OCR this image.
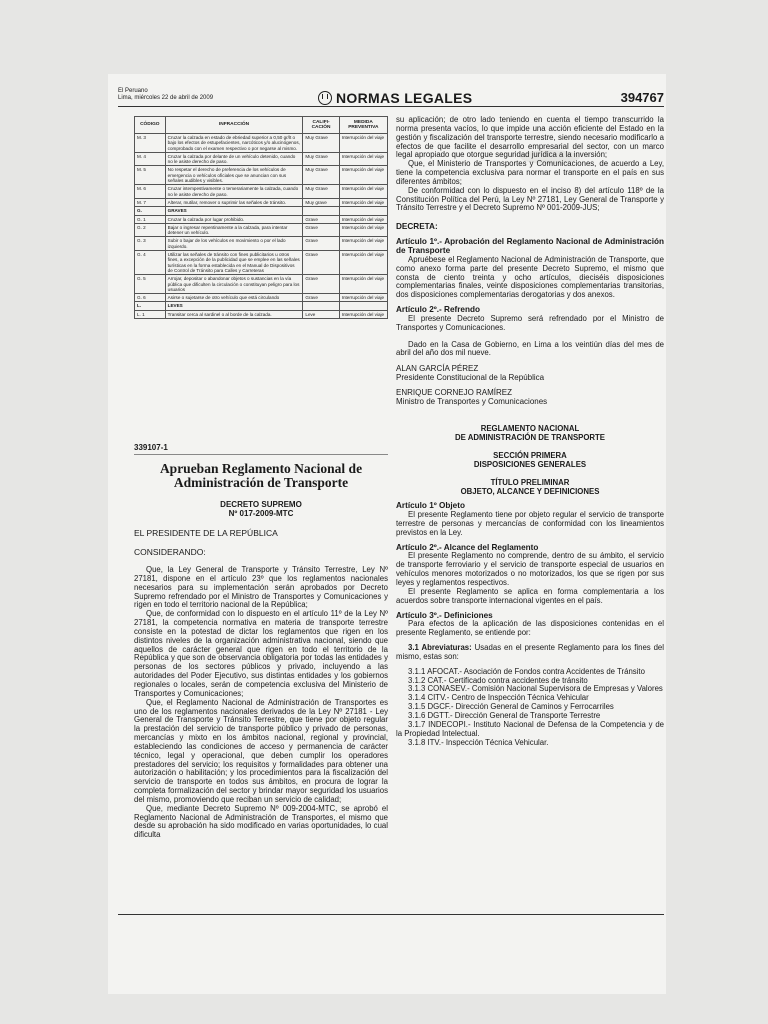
El Peruano
Lima, miércoles 22 de abril de 2009	NORMAS LEGALES	394767
CÓDIGO	INFRACCIÓN	CALIFI-CACIÓN	MEDIDA PREVENTIVA
M. 3	Cruzar la calzada en estado de ebriedad superior a 0,50 gr/lt o bajo los efectos de estupefacientes, narcóticos y/o alucinógenos, comprobado con el examen respectivo o por negarse al mismo.	Muy Grave	Interrupción del viaje
M. 4	Cruzar la calzada por delante de un vehículo detenido, cuando no le asiste derecho de paso.	Muy Grave	Interrupción del viaje
M. 5	No respetar el derecho de preferencia de los vehículos de emergencia o vehículos oficiales que se anuncian con sus señales audibles y visibles.	Muy Grave	Interrupción del viaje
M. 6	Cruzar intempestivamente o temerariamente la calzada, cuando no le asiste derecho de paso.	Muy Grave	Interrupción del viaje
M. 7	Alterar, mutilar, remover o suprimir las señales de tránsito.	Muy grave	Interrupción del viaje
G.	GRAVES		
G. 1	Cruzar la calzada por lugar prohibido.	Grave	Interrupción del viaje
G. 2	Bajar o ingresar repentinamente a la calzada, para intentar detener un vehículo.	Grave	Interrupción del viaje
G. 3	Subir o bajar de los vehículos en movimiento o por el lado izquierdo.	Grave	Interrupción del viaje
G. 4	Utilizar las señales de tránsito con fines publicitarios u otros fines, a excepción de la publicidad que se emplee en las señales turísticas en la forma establecida en el Manual de Dispositivos de Control de Tránsito para Calles y Carreteras	Grave	Interrupción del viaje
G. 5	Arrojar, depositar o abandonar objetos o sustancias en la vía pública que dificulten la circulación o constituyan peligro para los usuarios	Grave	Interrupción del viaje
G. 6	Asirse o sujetarse de otro vehículo que está circulando	Grave	Interrupción del viaje
L.	LEVES		
L. 1	Transitar cerca al sardinel o al borde de la calzada.	Leve	Interrupción del viaje
339107-1
Aprueban Reglamento Nacional de Administración de Transporte
DECRETO SUPREMO
Nº 017-2009-MTC
EL PRESIDENTE DE LA REPÚBLICA
CONSIDERANDO:

Que, la Ley General de Transporte y Tránsito Terrestre, Ley Nº 27181, dispone en el artículo 23º que los reglamentos nacionales necesarios para su implementación serán aprobados por Decreto Supremo refrendado por el Ministro de Transportes y Comunicaciones y rigen en todo el territorio nacional de la República;

Que, de conformidad con lo dispuesto en el artículo 11º de la Ley Nº 27181, la competencia normativa en materia de transporte terrestre consiste en la potestad de dictar los reglamentos que rigen en los distintos niveles de la organización administrativa nacional, siendo que aquellos de carácter general que rigen en todo el territorio de la República y que son de observancia obligatoria por todas las entidades y personas de los sectores públicos y privado, incluyendo a las autoridades del Poder Ejecutivo, sus distintas entidades y los gobiernos regionales o locales, serán de competencia exclusiva del Ministerio de Transportes y Comunicaciones;

Que, el Reglamento Nacional de Administración de Transportes es uno de los reglamentos nacionales derivados de la Ley Nº 27181 - Ley General de Transporte y Tránsito Terrestre, que tiene por objeto regular la prestación del servicio de transporte público y privado de personas, mercancías y mixto en los ámbitos nacional, regional y provincial, estableciendo las condiciones de acceso y permanencia de carácter técnico, legal y operacional, que deben cumplir los operadores prestadores del servicio; los requisitos y formalidades para obtener una autorización o habilitación; y los procedimientos para la fiscalización del servicio de transporte en todos sus ámbitos, en procura de lograr la completa formalización del sector y brindar mayor seguridad los usuarios del mismo, promoviendo que reciban un servicio de calidad;

Que, mediante Decreto Supremo Nº 009-2004-MTC, se aprobó el Reglamento Nacional de Administración de Transportes, el mismo que desde su aprobación ha sido modificado en varias oportunidades, lo cual dificulta

su aplicación; de otro lado teniendo en cuenta el tiempo transcurrido la norma presenta vacíos, lo que impide una acción eficiente del Estado en la gestión y fiscalización del transporte terrestre, siendo necesario modificarlo a efectos de que facilite el desarrollo empresarial del sector, con un marco legal apropiado que otorgue seguridad jurídica a la inversión;

Que, el Ministerio de Transportes y Comunicaciones, de acuerdo a Ley, tiene la competencia exclusiva para normar el transporte en el país en sus diferentes ámbitos;

De conformidad con lo dispuesto en el inciso 8) del artículo 118º de la Constitución Política del Perú, la Ley Nº 27181, Ley General de Transporte y Tránsito Terrestre y el Decreto Supremo Nº 001-2009-JUS;

DECRETA:

Artículo 1º.- Aprobación del Reglamento Nacional de Administración de Transporte

Apruébese el Reglamento Nacional de Administración de Transporte, que como anexo forma parte del presente Decreto Supremo, el mismo que consta de ciento treinta y ocho artículos, dieciséis disposiciones complementarias finales, veinte disposiciones complementarias transitorias, dos disposiciones complementarias derogatorias y dos anexos.

Artículo 2º.- Refrendo

El presente Decreto Supremo será refrendado por el Ministro de Transportes y Comunicaciones.

Dado en la Casa de Gobierno, en Lima a los veintiún días del mes de abril del año dos mil nueve.

ALAN GARCÍA PÉREZ
Presidente Constitucional de la República
ENRIQUE CORNEJO RAMÍREZ
Ministro de Transportes y Comunicaciones
REGLAMENTO NACIONAL
DE ADMINISTRACIÓN DE TRANSPORTE
SECCIÓN PRIMERA
DISPOSICIONES GENERALES
TÍTULO PRELIMINAR
OBJETO, ALCANCE Y DEFINICIONES

Artículo 1º Objeto

El presente Reglamento tiene por objeto regular el servicio de transporte terrestre de personas y mercancías de conformidad con los lineamientos previstos en la Ley.

Artículo 2º.- Alcance del Reglamento

El presente Reglamento no comprende, dentro de su ámbito, el servicio de transporte ferroviario y el servicio de transporte especial de usuarios en vehículos menores motorizados o no motorizados, los que se rigen por sus leyes y reglamentos respectivos.

El presente Reglamento se aplica en forma complementaria a los acuerdos sobre transporte internacional vigentes en el país.

Artículo 3º.- Definiciones

Para efectos de la aplicación de las disposiciones contenidas en el presente Reglamento, se entiende por:

3.1 Abreviaturas: Usadas en el presente Reglamento para los fines del mismo, estas son:

3.1.1 AFOCAT.- Asociación de Fondos contra Accidentes de Tránsito

3.1.2 CAT.- Certificado contra accidentes de tránsito

3.1.3 CONASEV.- Comisión Nacional Supervisora de Empresas y Valores

3.1.4 CITV.- Centro de Inspección Técnica Vehicular

3.1.5 DGCF.- Dirección General de Caminos y Ferrocarriles

3.1.6 DGTT.- Dirección General de Transporte Terrestre

3.1.7 INDECOPI.- Instituto Nacional de Defensa de la Competencia y de la Propiedad Intelectual.

3.1.8 ITV.- Inspección Técnica Vehicular.
